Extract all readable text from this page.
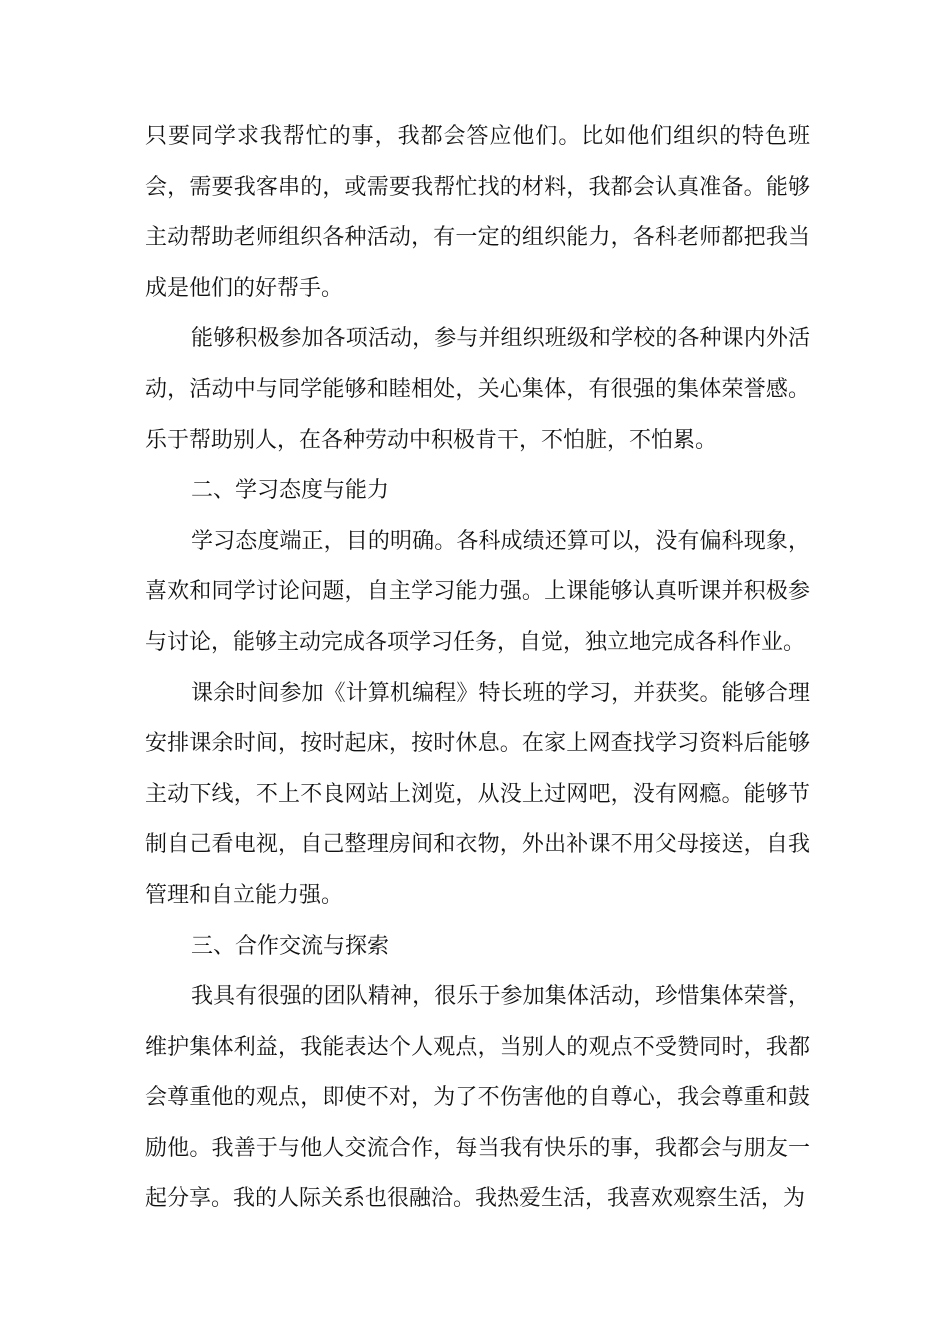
只要同学求我帮忙的事，我都会答应他们。比如他们组织的特色班会，需要我客串的，或需要我帮忙找的材料，我都会认真准备。能够主动帮助老师组织各种活动，有一定的组织能力，各科老师都把我当成是他们的好帮手。

能够积极参加各项活动，参与并组织班级和学校的各种课内外活动，活动中与同学能够和睦相处，关心集体，有很强的集体荣誉感。乐于帮助别人，在各种劳动中积极肯干，不怕脏，不怕累。

二、学习态度与能力

学习态度端正，目的明确。各科成绩还算可以，没有偏科现象，喜欢和同学讨论问题，自主学习能力强。上课能够认真听课并积极参与讨论，能够主动完成各项学习任务，自觉，独立地完成各科作业。

课余时间参加《计算机编程》特长班的学习，并获奖。能够合理安排课余时间，按时起床，按时休息。在家上网查找学习资料后能够主动下线，不上不良网站上浏览，从没上过网吧，没有网瘾。能够节制自己看电视，自己整理房间和衣物，外出补课不用父母接送，自我管理和自立能力强。

三、合作交流与探索

我具有很强的团队精神，很乐于参加集体活动，珍惜集体荣誉，维护集体利益，我能表达个人观点，当别人的观点不受赞同时，我都会尊重他的观点，即使不对，为了不伤害他的自尊心，我会尊重和鼓励他。我善于与他人交流合作，每当我有快乐的事，我都会与朋友一起分享。我的人际关系也很融洽。我热爱生活，我喜欢观察生活，为
